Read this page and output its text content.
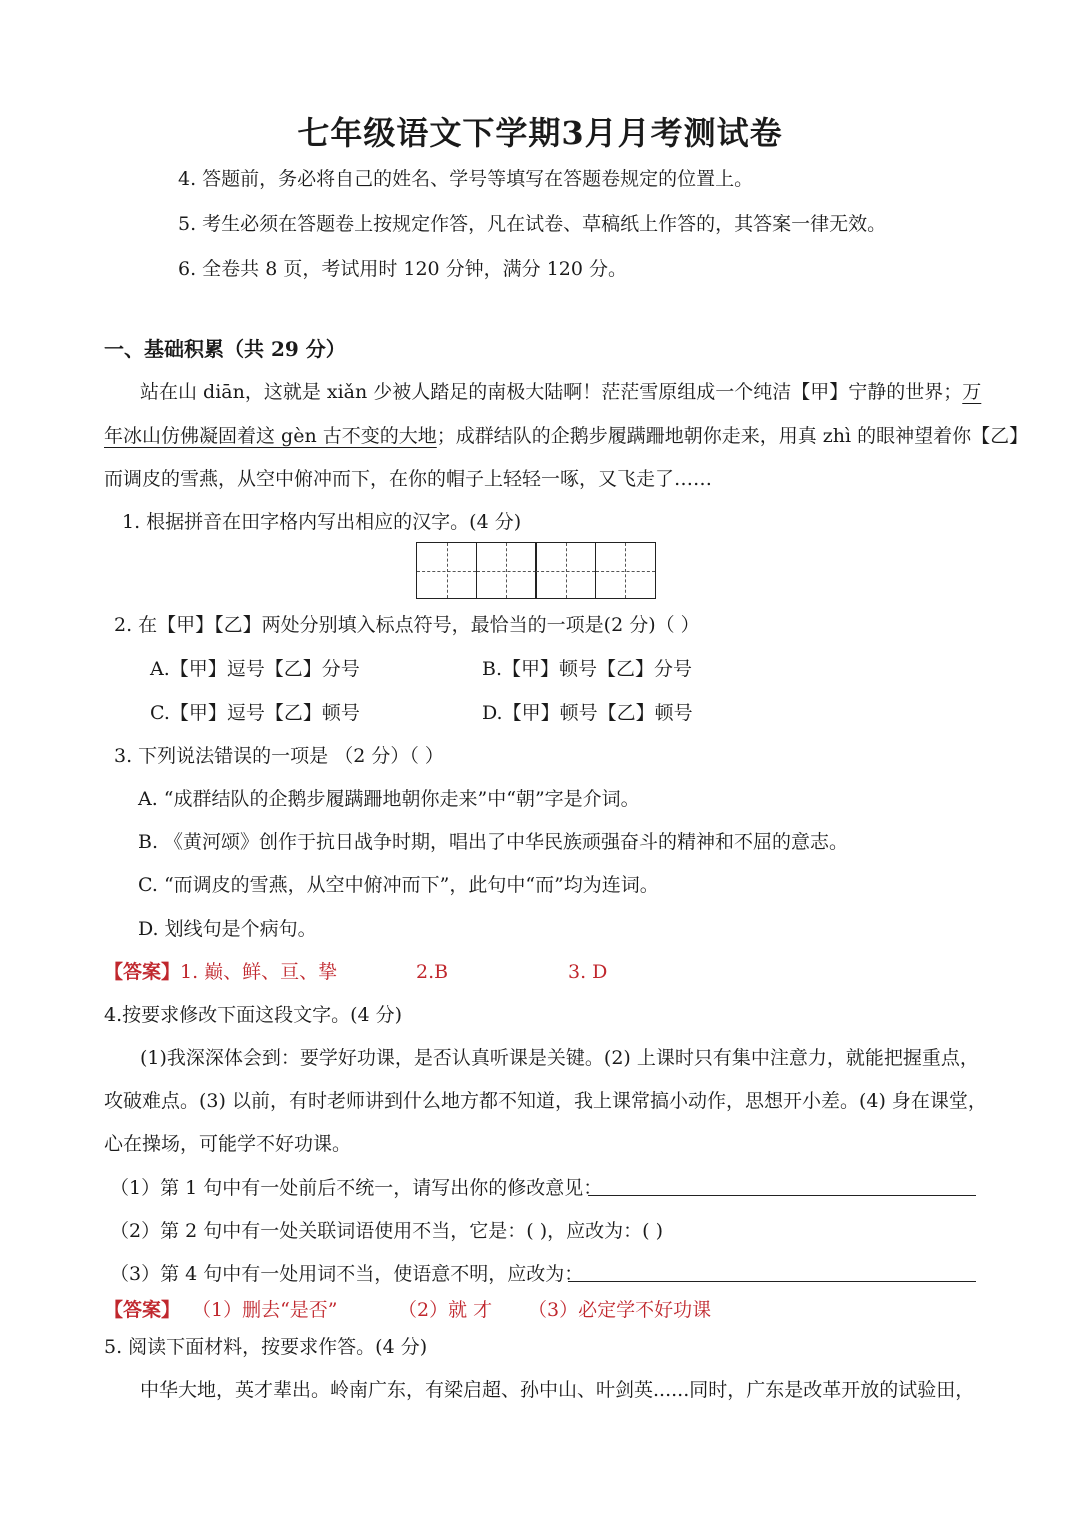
七年级语文下学期3月月考测试卷
4. 答题前，务必将自己的姓名、学号等填写在答题卷规定的位置上。
5. 考生必须在答题卷上按规定作答，凡在试卷、草稿纸上作答的，其答案一律无效。
6. 全卷共 8 页，考试用时 120 分钟，满分 120 分。
一、基础积累（共 29 分）
站在山 diān，这就是 xiǎn 少被人踏足的南极大陆啊！茫茫雪原组成一个纯洁【甲】宁静的世界；万
年冰山仿佛凝固着这 gèn 古不变的大地；成群结队的企鹅步履蹒跚地朝你走来，用真 zhì 的眼神望着你【乙】
而调皮的雪燕，从空中俯冲而下，在你的帽子上轻轻一啄，又飞走了……
1. 根据拼音在田字格内写出相应的汉字。(4 分)
2. 在【甲】【乙】两处分别填入标点符号，最恰当的一项是(2 分)（ ）
A.【甲】逗号【乙】分号	B.【甲】顿号【乙】分号
C.【甲】逗号【乙】顿号	D.【甲】顿号【乙】顿号
3. 下列说法错误的一项是 （2 分）（ ）
A. “成群结队的企鹅步履蹒跚地朝你走来”中“朝”字是介词。
B. 《黄河颂》创作于抗日战争时期，唱出了中华民族顽强奋斗的精神和不屈的意志。
C. “而调皮的雪燕，从空中俯冲而下”，此句中“而”均为连词。
D. 划线句是个病句。
【答案】1. 巅、鲜、亘、挚	2.B	3. D
4.按要求修改下面这段文字。(4 分)
(1)我深深体会到：要学好功课，是否认真听课是关键。(2) 上课时只有集中注意力，就能把握重点，
攻破难点。(3) 以前，有时老师讲到什么地方都不知道，我上课常搞小动作，思想开小差。(4) 身在课堂，
心在操场，可能学不好功课。
（1）第 1 句中有一处前后不统一，请写出你的修改意见：
（2）第 2 句中有一处关联词语使用不当，它是：( )，应改为：( )
（3）第 4 句中有一处用词不当，使语意不明，应改为：
【答案】 （1）删去“是否”	（2）就 才 （3）必定学不好功课
5. 阅读下面材料，按要求作答。(4 分)
中华大地，英才辈出。岭南广东，有梁启超、孙中山、叶剑英......同时，广东是改革开放的试验田，
